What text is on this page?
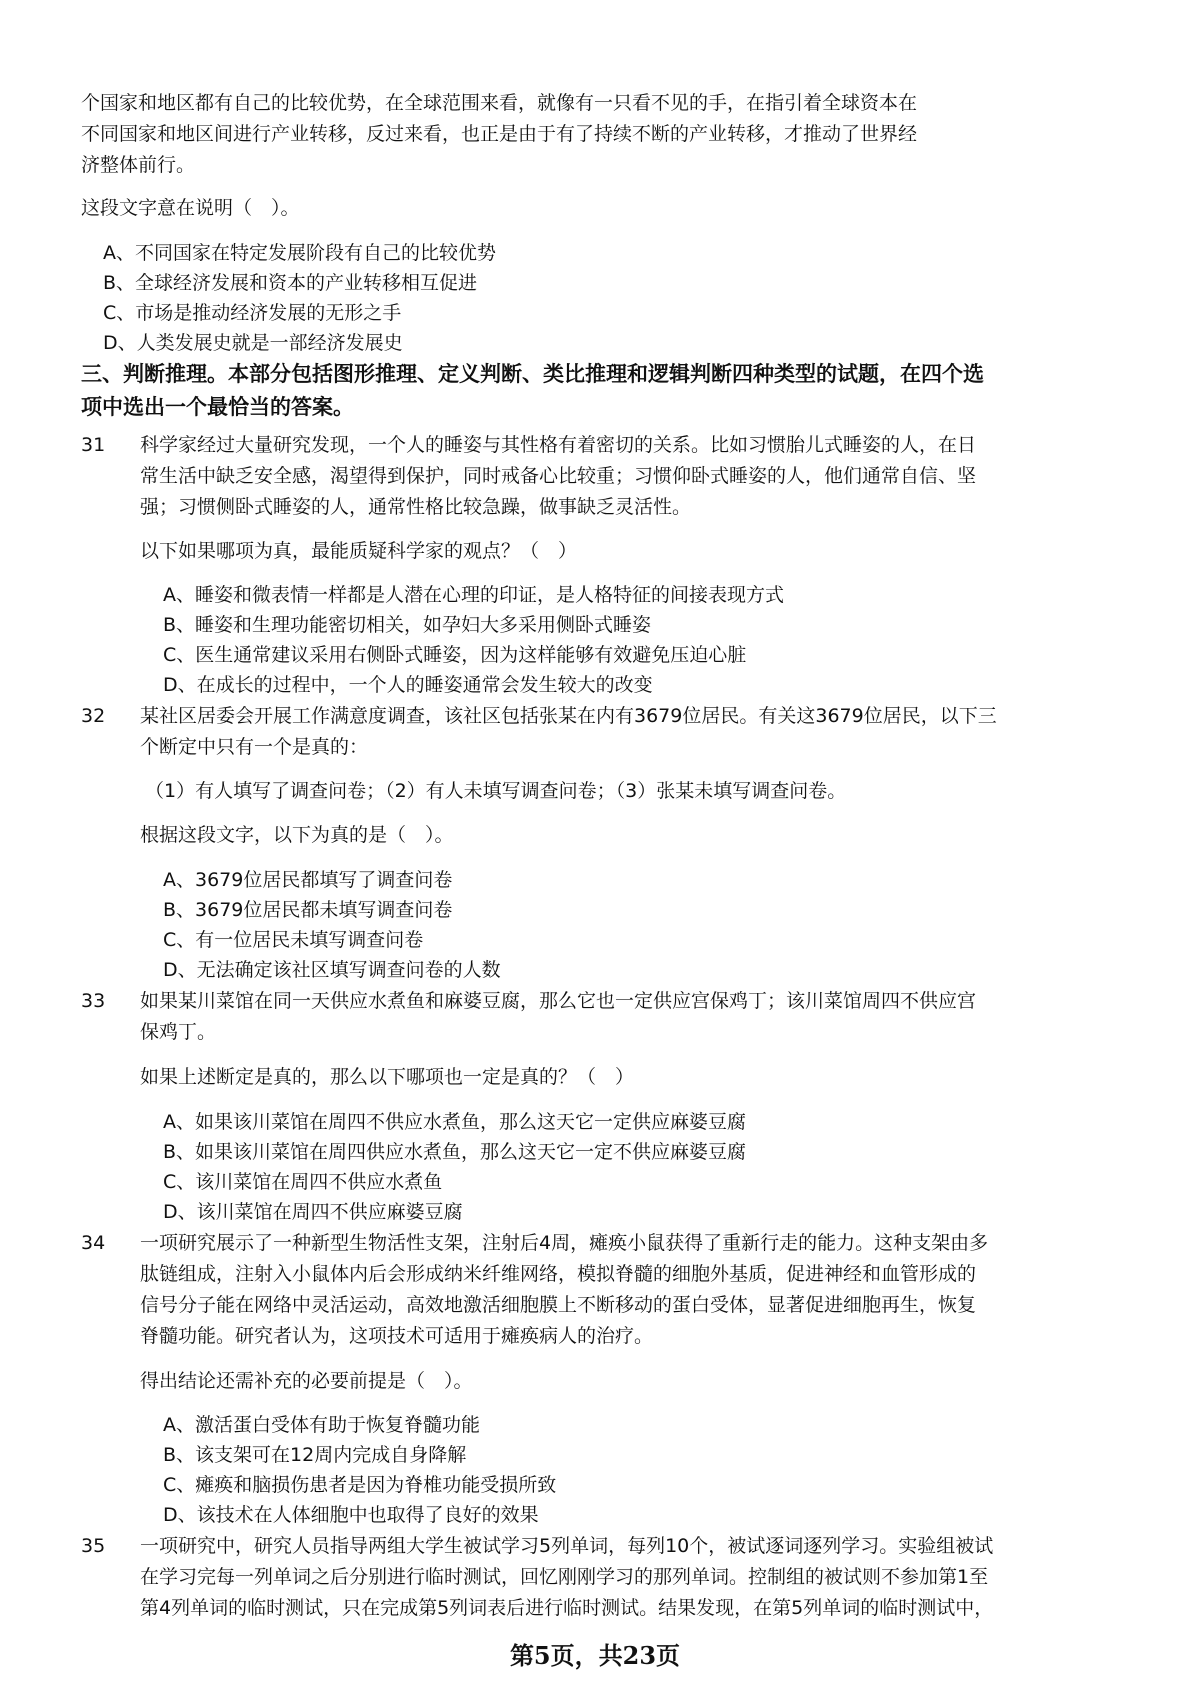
个国家和地区都有自己的比较优势，在全球范围来看，就像有一只看不见的手，在指引着全球资本在

不同国家和地区间进行产业转移，反过来看，也正是由于有了持续不断的产业转移，才推动了世界经

济整体前行。

这段文字意在说明（　）。

A、不同国家在特定发展阶段有自己的比较优势
B、全球经济发展和资本的产业转移相互促进
C、市场是推动经济发展的无形之手
D、人类发展史就是一部经济发展史
三、判断推理。本部分包括图形推理、定义判断、类比推理和逻辑判断四种类型的试题，在四个选
项中选出一个最恰当的答案。
31 科学家经过大量研究发现，一个人的睡姿与其性格有着密切的关系。比如习惯胎儿式睡姿的人，在日
常生活中缺乏安全感，渴望得到保护，同时戒备心比较重；习惯仰卧式睡姿的人，他们通常自信、坚
强；习惯侧卧式睡姿的人，通常性格比较急躁，做事缺乏灵活性。
以下如果哪项为真，最能质疑科学家的观点？（　）
A、睡姿和微表情一样都是人潜在心理的印证，是人格特征的间接表现方式
B、睡姿和生理功能密切相关，如孕妇大多采用侧卧式睡姿
C、医生通常建议采用右侧卧式睡姿，因为这样能够有效避免压迫心脏
D、在成长的过程中，一个人的睡姿通常会发生较大的改变
32 某社区居委会开展工作满意度调查，该社区包括张某在内有3679位居民。有关这3679位居民，以下三
个断定中只有一个是真的：
（1）有人填写了调查问卷；（2）有人未填写调查问卷；（3）张某未填写调查问卷。
根据这段文字，以下为真的是（　）。
A、3679位居民都填写了调查问卷
B、3679位居民都未填写调查问卷
C、有一位居民未填写调查问卷
D、无法确定该社区填写调查问卷的人数
33 如果某川菜馆在同一天供应水煮鱼和麻婆豆腐，那么它也一定供应宫保鸡丁；该川菜馆周四不供应宫
保鸡丁。
如果上述断定是真的，那么以下哪项也一定是真的？（　）
A、如果该川菜馆在周四不供应水煮鱼，那么这天它一定供应麻婆豆腐
B、如果该川菜馆在周四供应水煮鱼，那么这天它一定不供应麻婆豆腐
C、该川菜馆在周四不供应水煮鱼
D、该川菜馆在周四不供应麻婆豆腐
34 一项研究展示了一种新型生物活性支架，注射后4周，瘫痪小鼠获得了重新行走的能力。这种支架由多
肽链组成，注射入小鼠体内后会形成纳米纤维网络，模拟脊髓的细胞外基质，促进神经和血管形成的
信号分子能在网络中灵活运动，高效地激活细胞膜上不断移动的蛋白受体，显著促进细胞再生，恢复
脊髓功能。研究者认为，这项技术可适用于瘫痪病人的治疗。
得出结论还需补充的必要前提是（　）。
A、激活蛋白受体有助于恢复脊髓功能
B、该支架可在12周内完成自身降解
C、瘫痪和脑损伤患者是因为脊椎功能受损所致
D、该技术在人体细胞中也取得了良好的效果
35 一项研究中，研究人员指导两组大学生被试学习5列单词，每列10个，被试逐词逐列学习。实验组被试
在学习完每一列单词之后分别进行临时测试，回忆刚刚学习的那列单词。控制组的被试则不参加第1至
第4列单词的临时测试，只在完成第5列词表后进行临时测试。结果发现，在第5列单词的临时测试中，
第5页，共23页
